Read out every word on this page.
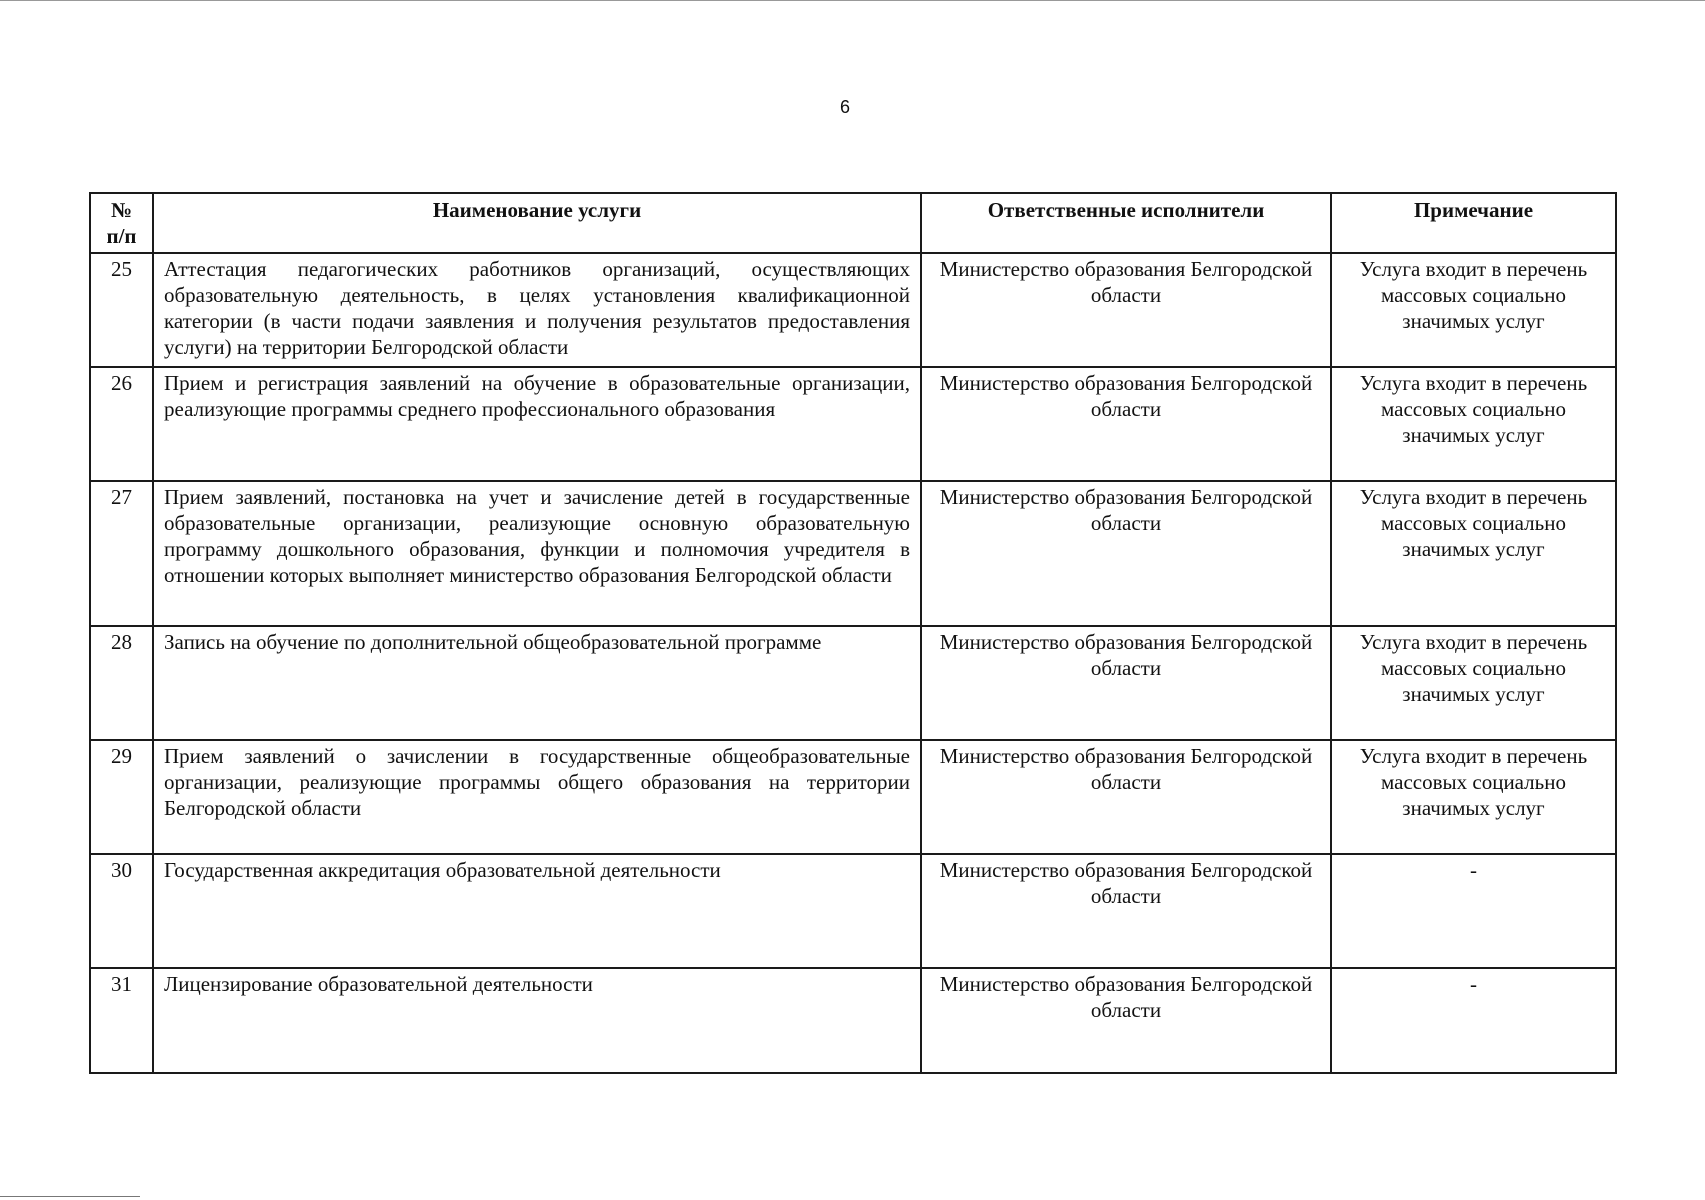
6
№ п/п	Наименование услуги	Ответственные исполнители	Примечание
25	Аттестация педагогических работников организаций, осуществляющих образовательную деятельность, в целях установления квалификационной категории (в части подачи заявления и получения результатов предоставления услуги) на территории Белгородской области	Министерство образования Белгородской области	Услуга входит в перечень массовых социально значимых услуг
26	Прием и регистрация заявлений на обучение в образовательные организации, реализующие программы среднего профессионального образования	Министерство образования Белгородской области	Услуга входит в перечень массовых социально значимых услуг
27	Прием заявлений, постановка на учет и зачисление детей в государственные образовательные организации, реализующие основную образовательную программу дошкольного образования, функции и полномочия учредителя в отношении которых выполняет министерство образования Белгородской области	Министерство образования Белгородской области	Услуга входит в перечень массовых социально значимых услуг
28	Запись на обучение по дополнительной общеобразовательной программе	Министерство образования Белгородской области	Услуга входит в перечень массовых социально значимых услуг
29	Прием заявлений о зачислении в государственные общеобразовательные организации, реализующие программы общего образования на территории Белгородской области	Министерство образования Белгородской области	Услуга входит в перечень массовых социально значимых услуг
30	Государственная аккредитация образовательной деятельности	Министерство образования Белгородской области	-
31	Лицензирование образовательной деятельности	Министерство образования Белгородской области	-
